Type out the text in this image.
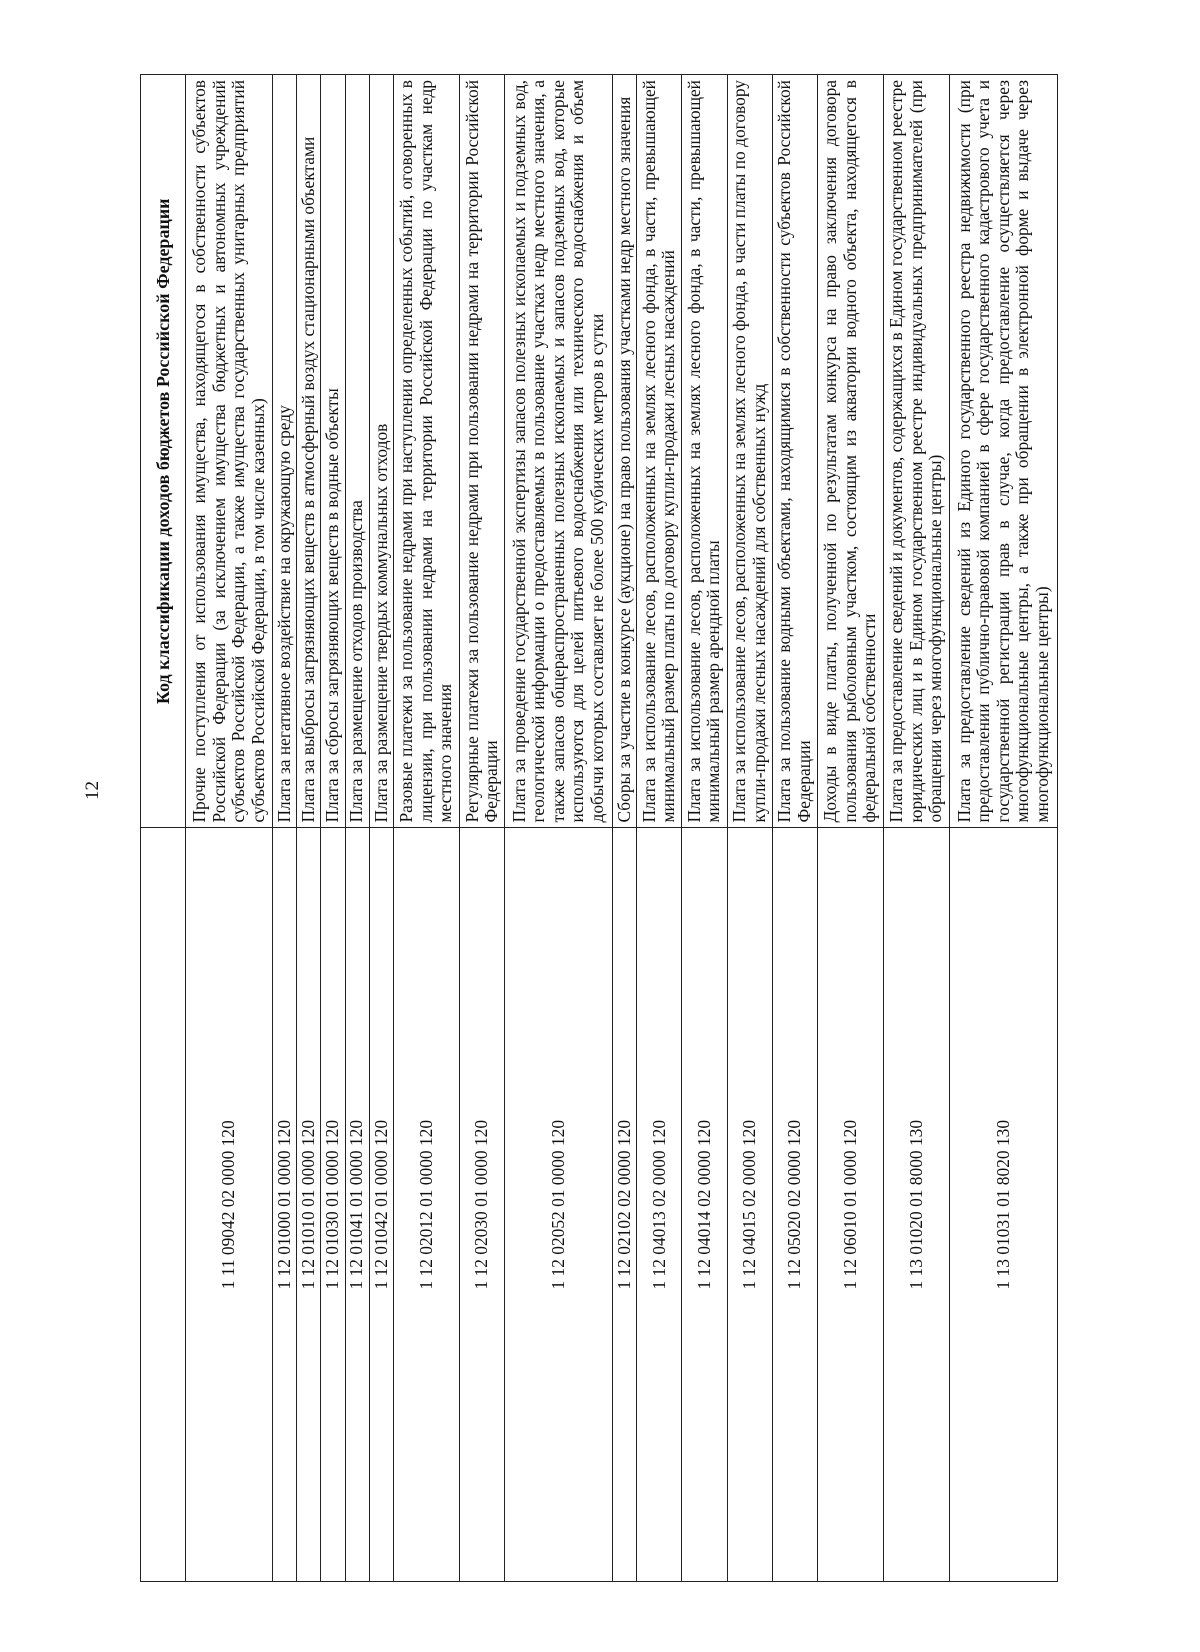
12
	Код классификации доходов бюджетов Российской Федерации
1 11 09042 02 0000 120	Прочие поступления от использования имущества, находящегося в собственности субъектов Российской Федерации (за исключением имущества бюджетных и автономных учреждений субъектов Российской Федерации, а также имущества государственных унитарных предприятий субъектов Российской Федерации, в том числе казенных)
1 12 01000 01 0000 120	Плата за негативное воздействие на окружающую среду
1 12 01010 01 0000 120	Плата за выбросы загрязняющих веществ в атмосферный воздух стационарными объектами
1 12 01030 01 0000 120	Плата за сбросы загрязняющих веществ в водные объекты
1 12 01041 01 0000 120	Плата за размещение отходов производства
1 12 01042 01 0000 120	Плата за размещение твердых коммунальных отходов
1 12 02012 01 0000 120	Разовые платежи за пользование недрами при наступлении определенных событий, оговоренных в лицензии, при пользовании недрами на территории Российской Федерации по участкам недр местного значения
1 12 02030 01 0000 120	Регулярные платежи за пользование недрами при пользовании недрами на территории Российской Федерации
1 12 02052 01 0000 120	Плата за проведение государственной экспертизы запасов полезных ископаемых и подземных вод, геологической информации о предоставляемых в пользование участках недр местного значения, а также запасов общераспространенных полезных ископаемых и запасов подземных вод, которые используются для целей питьевого водоснабжения или технического водоснабжения и объем добычи которых составляет не более 500 кубических метров в сутки
1 12 02102 02 0000 120	Сборы за участие в конкурсе (аукционе) на право пользования участками недр местного значения
1 12 04013 02 0000 120	Плата за использование лесов, расположенных на землях лесного фонда, в части, превышающей минимальный размер платы по договору купли-продажи лесных насаждений
1 12 04014 02 0000 120	Плата за использование лесов, расположенных на землях лесного фонда, в части, превышающей минимальный размер арендной платы
1 12 04015 02 0000 120	Плата за использование лесов, расположенных на землях лесного фонда, в части платы по договору купли-продажи лесных насаждений для собственных нужд
1 12 05020 02 0000 120	Плата за пользование водными объектами, находящимися в собственности субъектов Российской Федерации
1 12 06010 01 0000 120	Доходы в виде платы, полученной по результатам конкурса на право заключения договора пользования рыболовным участком, состоящим из акватории водного объекта, находящегося в федеральной собственности
1 13 01020 01 8000 130	Плата за предоставление сведений и документов, содержащихся в Едином государственном реестре юридических лиц и в Едином государственном реестре индивидуальных предпринимателей (при обращении через многофункциональные центры)
1 13 01031 01 8020 130	Плата за предоставление сведений из Единого государственного реестра недвижимости (при предоставлении публично-правовой компанией в сфере государственного кадастрового учета и государственной регистрации прав в случае, когда предоставление осуществляется через многофункциональные центры, а также при обращении в электронной форме и выдаче через многофункциональные центры)
